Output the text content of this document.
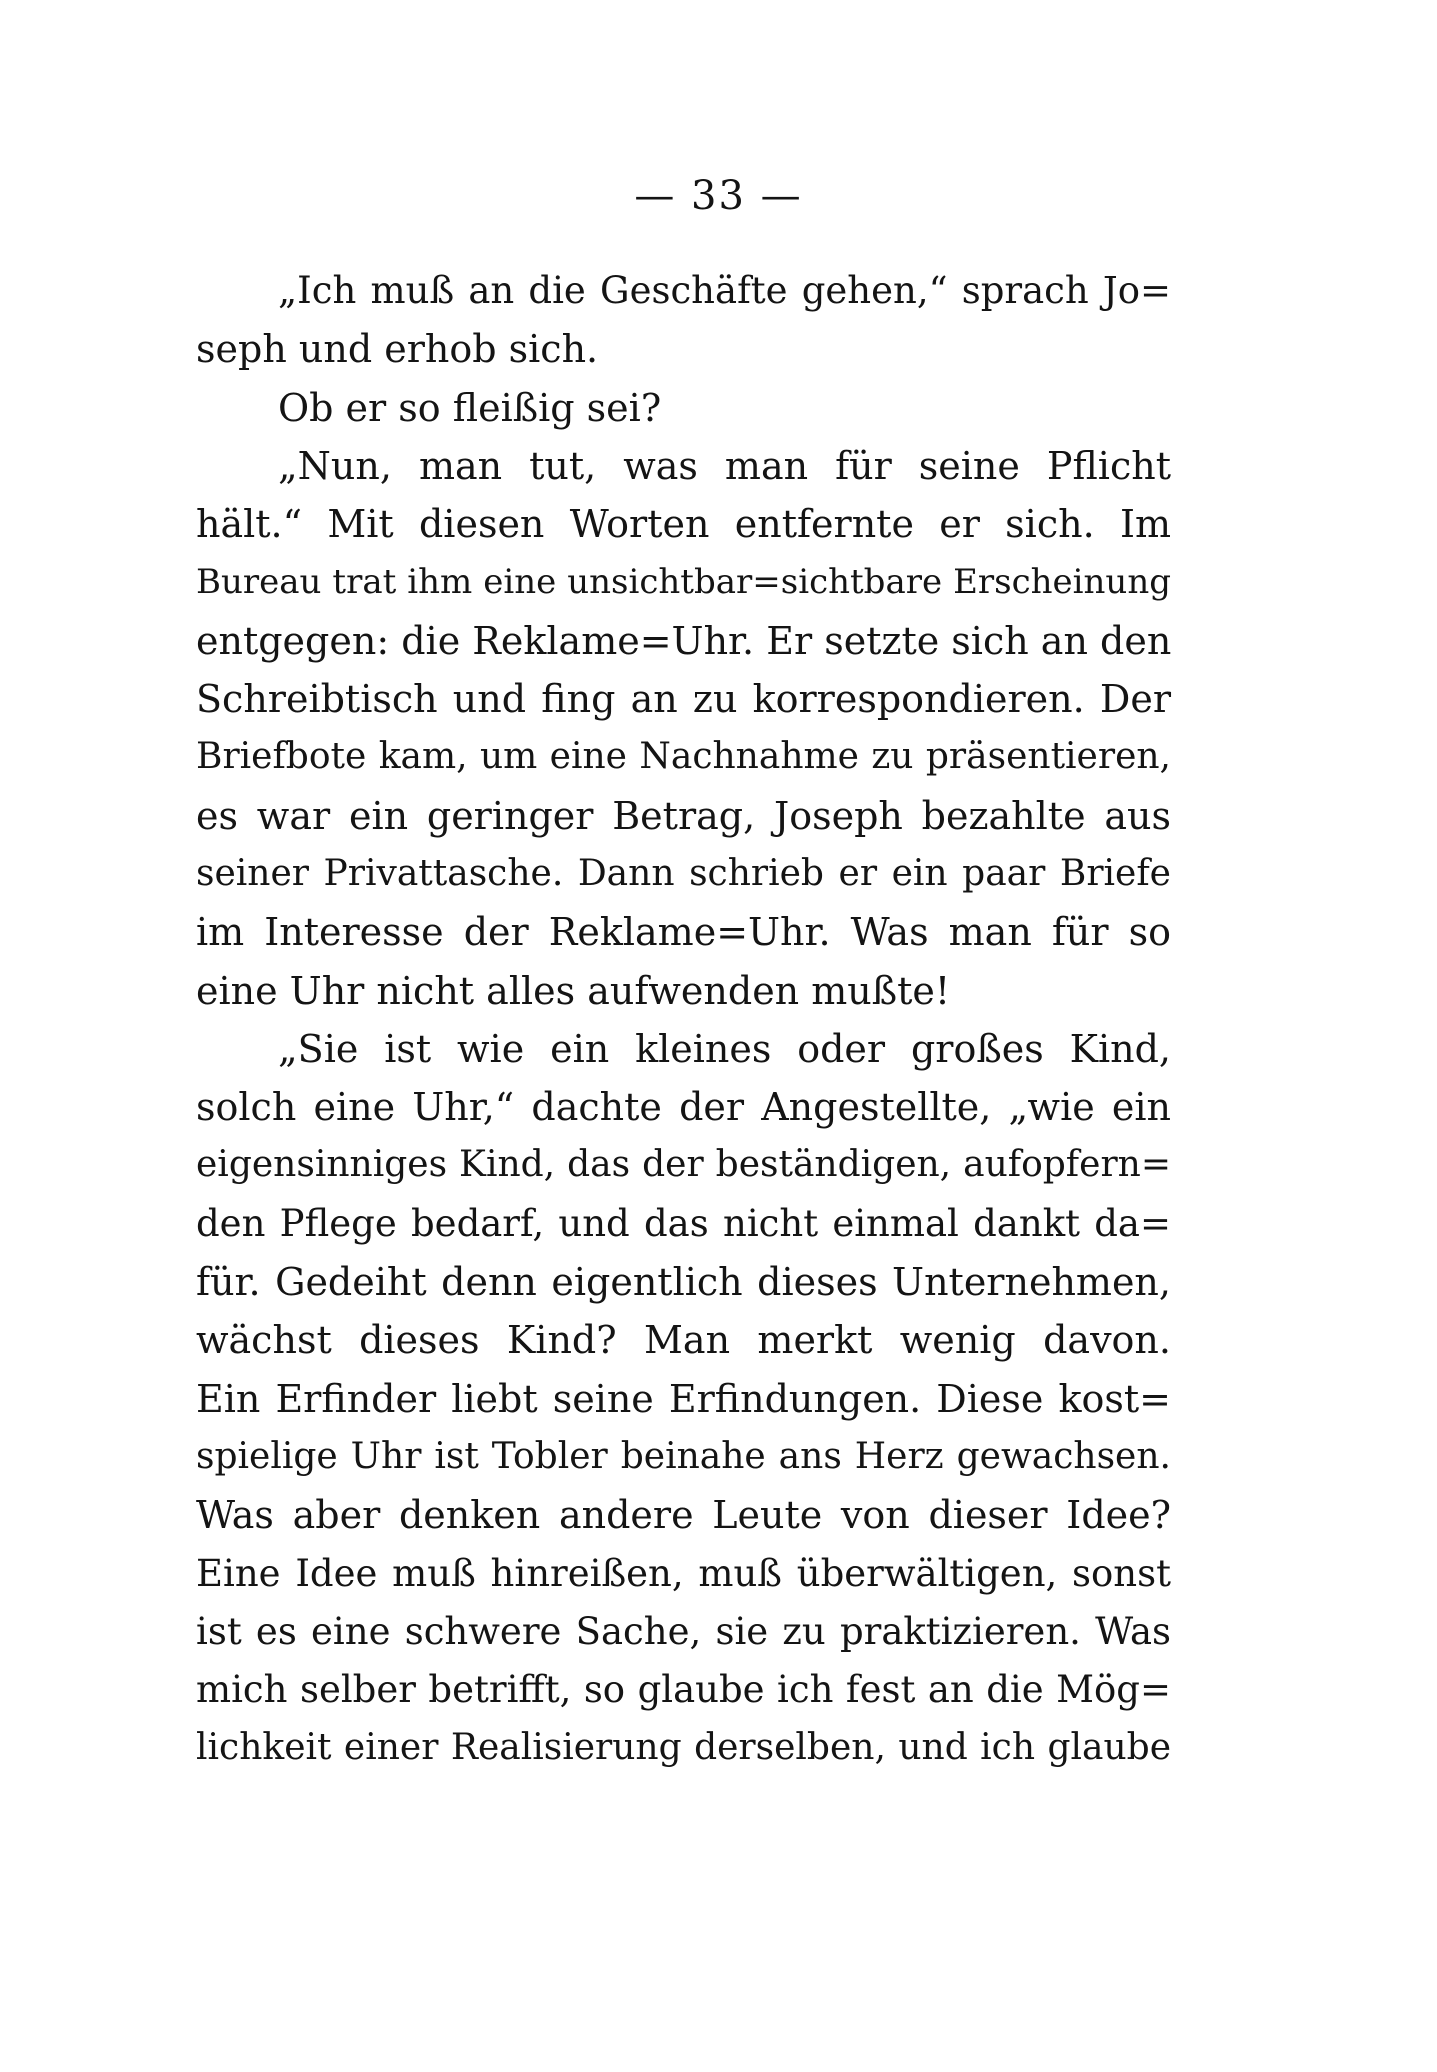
— 33 —
„Ich muß an die Geschäfte gehen,“ sprach Jo=
seph und erhob sich.
Ob er so fleißig sei?
„Nun, man tut, was man für seine Pflicht
hält.“ Mit diesen Worten entfernte er sich. Im
Bureau trat ihm eine unsichtbar=sichtbare Erscheinung
entgegen: die Reklame=Uhr. Er setzte sich an den
Schreibtisch und fing an zu korrespondieren. Der
Briefbote kam, um eine Nachnahme zu präsentieren,
es war ein geringer Betrag, Joseph bezahlte aus
seiner Privattasche. Dann schrieb er ein paar Briefe
im Interesse der Reklame=Uhr. Was man für so
eine Uhr nicht alles aufwenden mußte!
„Sie ist wie ein kleines oder großes Kind,
solch eine Uhr,“ dachte der Angestellte, „wie ein
eigensinniges Kind, das der beständigen, aufopfern=
den Pflege bedarf, und das nicht einmal dankt da=
für. Gedeiht denn eigentlich dieses Unternehmen,
wächst dieses Kind? Man merkt wenig davon.
Ein Erfinder liebt seine Erfindungen. Diese kost=
spielige Uhr ist Tobler beinahe ans Herz gewachsen.
Was aber denken andere Leute von dieser Idee?
Eine Idee muß hinreißen, muß überwältigen, sonst
ist es eine schwere Sache, sie zu praktizieren. Was
mich selber betrifft, so glaube ich fest an die Mög=
lichkeit einer Realisierung derselben, und ich glaube
